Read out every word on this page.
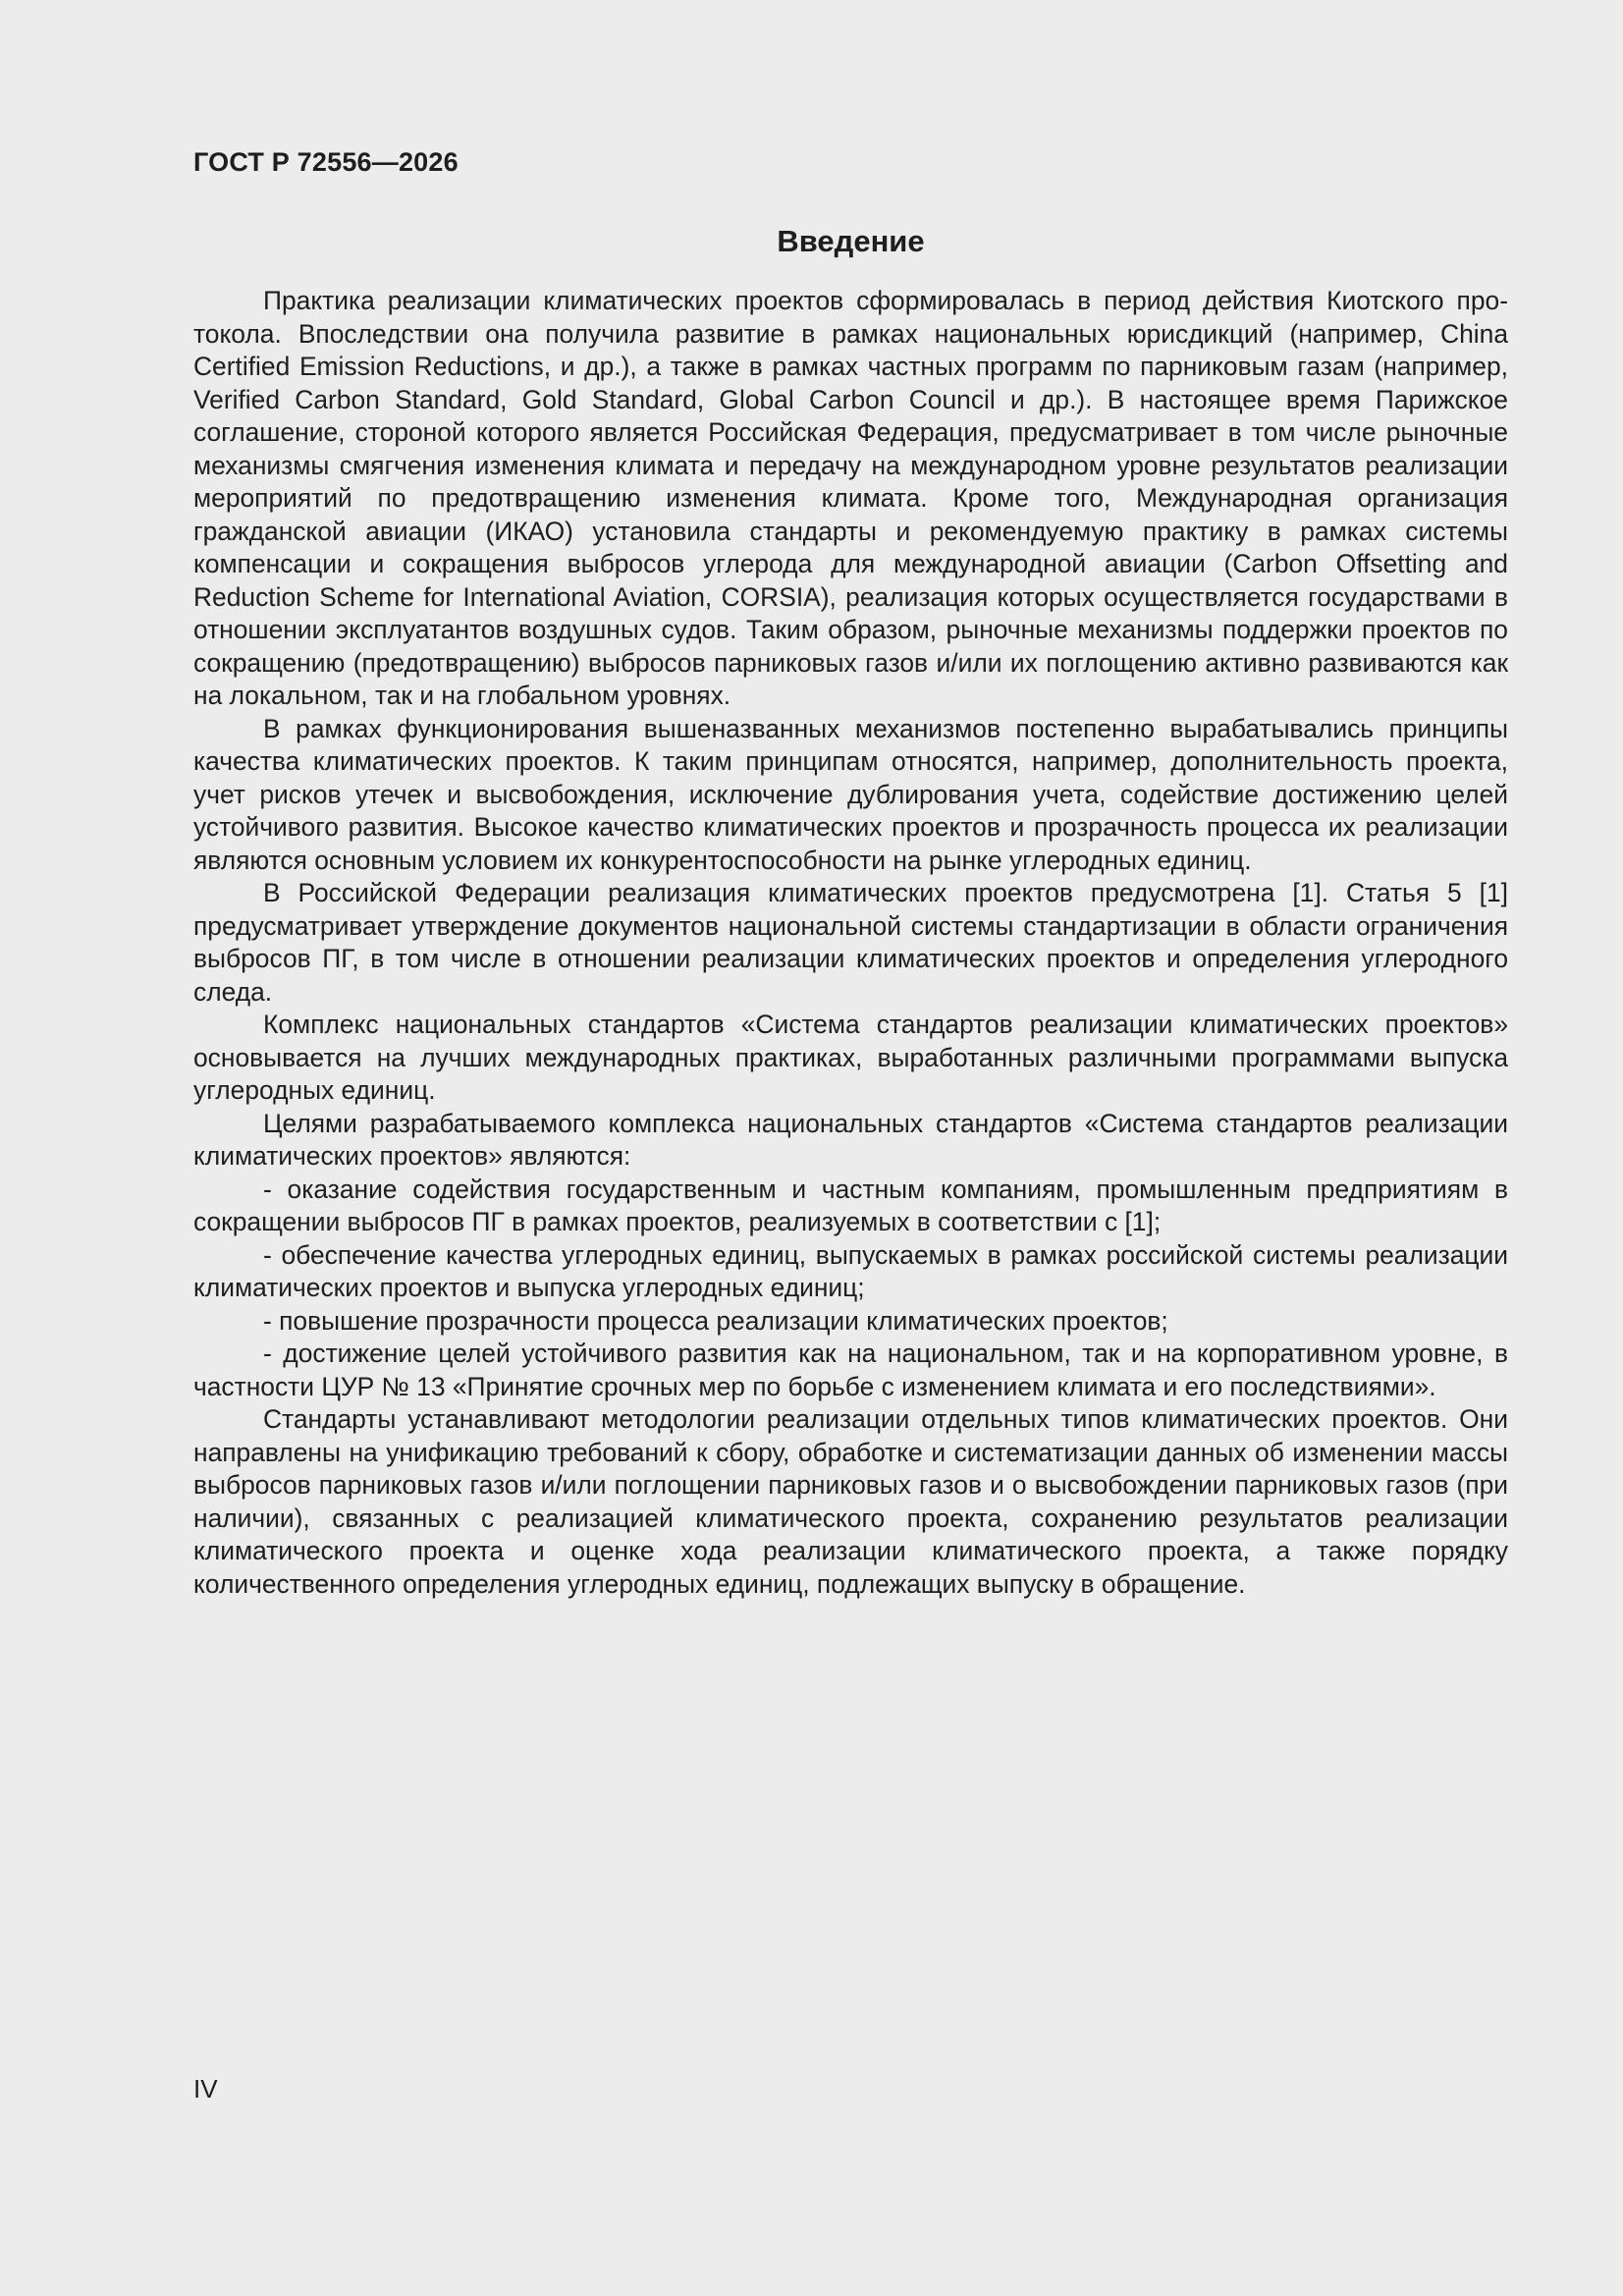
ГОСТ Р 72556—2026

Введение

Практика реализации климатических проектов сформировалась в период действия Киотского протокола. Впоследствии она получила развитие в рамках национальных юрисдикций (например, China Certified Emission Reductions, и др.), а также в рамках частных программ по парниковым газам (например, Verified Carbon Standard, Gold Standard, Global Carbon Council и др.). В настоящее время Парижское соглашение, стороной которого является Российская Федерация, предусматривает в том числе рыночные механизмы смягчения изменения климата и передачу на международном уровне результатов реализации мероприятий по предотвращению изменения климата. Кроме того, Международная организация гражданской авиации (ИКАО) установила стандарты и рекомендуемую практику в рамках системы компенсации и сокращения выбросов углерода для международной авиации (Carbon Offsetting and Reduction Scheme for International Aviation, CORSIA), реализация которых осуществляется государствами в отношении эксплуатантов воздушных судов. Таким образом, рыночные механизмы поддержки проектов по сокращению (предотвращению) выбросов парниковых газов и/или их поглощению активно развиваются как на локальном, так и на глобальном уровнях.

В рамках функционирования вышеназванных механизмов постепенно вырабатывались принципы качества климатических проектов. К таким принципам относятся, например, дополнительность проекта, учет рисков утечек и высвобождения, исключение дублирования учета, содействие достижению целей устойчивого развития. Высокое качество климатических проектов и прозрачность процесса их реализации являются основным условием их конкурентоспособности на рынке углеродных единиц.

В Российской Федерации реализация климатических проектов предусмотрена [1]. Статья 5 [1] предусматривает утверждение документов национальной системы стандартизации в области ограничения выбросов ПГ, в том числе в отношении реализации климатических проектов и определения углеродного следа.

Комплекс национальных стандартов «Система стандартов реализации климатических проектов» основывается на лучших международных практиках, выработанных различными программами выпуска углеродных единиц.

Целями разрабатываемого комплекса национальных стандартов «Система стандартов реализации климатических проектов» являются:

- оказание содействия государственным и частным компаниям, промышленным предприятиям в сокращении выбросов ПГ в рамках проектов, реализуемых в соответствии с [1];

- обеспечение качества углеродных единиц, выпускаемых в рамках российской системы реализации климатических проектов и выпуска углеродных единиц;

- повышение прозрачности процесса реализации климатических проектов;

- достижение целей устойчивого развития как на национальном, так и на корпоративном уровне, в частности ЦУР № 13 «Принятие срочных мер по борьбе с изменением климата и его последствиями».

Стандарты устанавливают методологии реализации отдельных типов климатических проектов. Они направлены на унификацию требований к сбору, обработке и систематизации данных об изменении массы выбросов парниковых газов и/или поглощении парниковых газов и о высвобождении парниковых газов (при наличии), связанных с реализацией климатического проекта, сохранению результатов реализации климатического проекта и оценке хода реализации климатического проекта, а также порядку количественного определения углеродных единиц, подлежащих выпуску в обращение.

IV
